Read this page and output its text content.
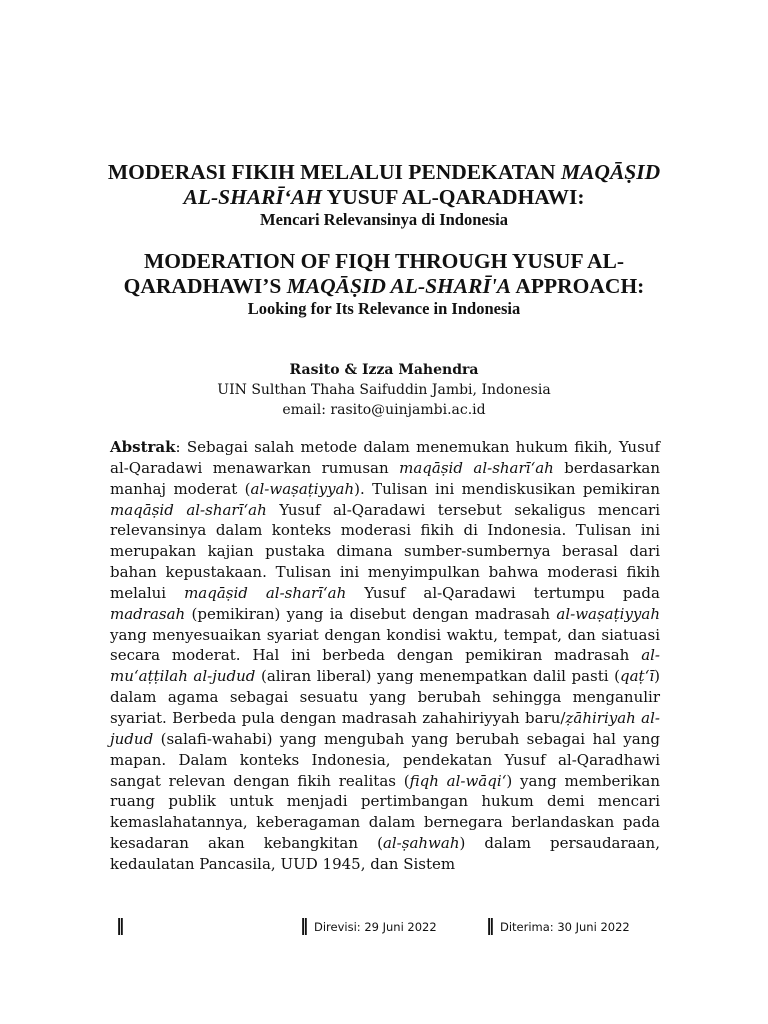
MODERASI FIKIH MELALUI PENDEKATAN MAQĀṢID

AL-SHARĪ‘AH YUSUF AL-QARADHAWI:

Mencari Relevansinya di Indonesia

MODERATION OF FIQH THROUGH YUSUF AL-

QARADHAWI’S MAQĀṢID AL-SHARĪ'A APPROACH:

Looking for Its Relevance in Indonesia

Rasito & Izza Mahendra
UIN Sulthan Thaha Saifuddin Jambi, Indonesia
email: rasito@uinjambi.ac.id

Abstrak: Sebagai salah metode dalam menemukan hukum fikih, Yusuf al-Qaradawi menawarkan rumusan maqāṣid al-sharī‘ah berdasarkan manhaj moderat (al-waṣaṭiyyah). Tulisan ini mendiskusikan pemikiran maqāṣid al-sharī‘ah Yusuf al-Qaradawi tersebut sekaligus mencari relevansinya dalam konteks moderasi fikih di Indonesia. Tulisan ini merupakan kajian pustaka dimana sumber-sumbernya berasal dari bahan kepustakaan. Tulisan ini menyimpulkan bahwa moderasi fikih melalui maqāṣid al-sharī‘ah Yusuf al-Qaradawi tertumpu pada madrasah (pemikiran) yang ia disebut dengan madrasah al-waṣaṭiyyah yang menyesuaikan syariat dengan kondisi waktu, tempat, dan siatuasi secara moderat. Hal ini berbeda dengan pemikiran madrasah al-mu‘aṭṭilah al-judud (aliran liberal) yang menempatkan dalil pasti (qaṭ‘ī) dalam agama sebagai sesuatu yang berubah sehingga menganulir syariat. Berbeda pula dengan madrasah zahahiriyyah baru/ẓāhiriyah al-judud (salafi-wahabi) yang mengubah yang berubah sebagai hal yang mapan. Dalam konteks Indonesia, pendekatan Yusuf al-Qaradhawi sangat relevan dengan fikih realitas (fiqh al-wāqi‘) yang memberikan ruang publik untuk menjadi pertimbangan hukum demi mencari kemaslahatannya, keberagaman dalam bernegara berlandaskan pada kesadaran akan kebangkitan (al-ṣahwah) dalam persaudaraan, kedaulatan Pancasila, UUD 1945, dan Sistem

‖	‖ Direvisi: 29 Juni 2022	‖ Diterima: 30 Juni 2022
